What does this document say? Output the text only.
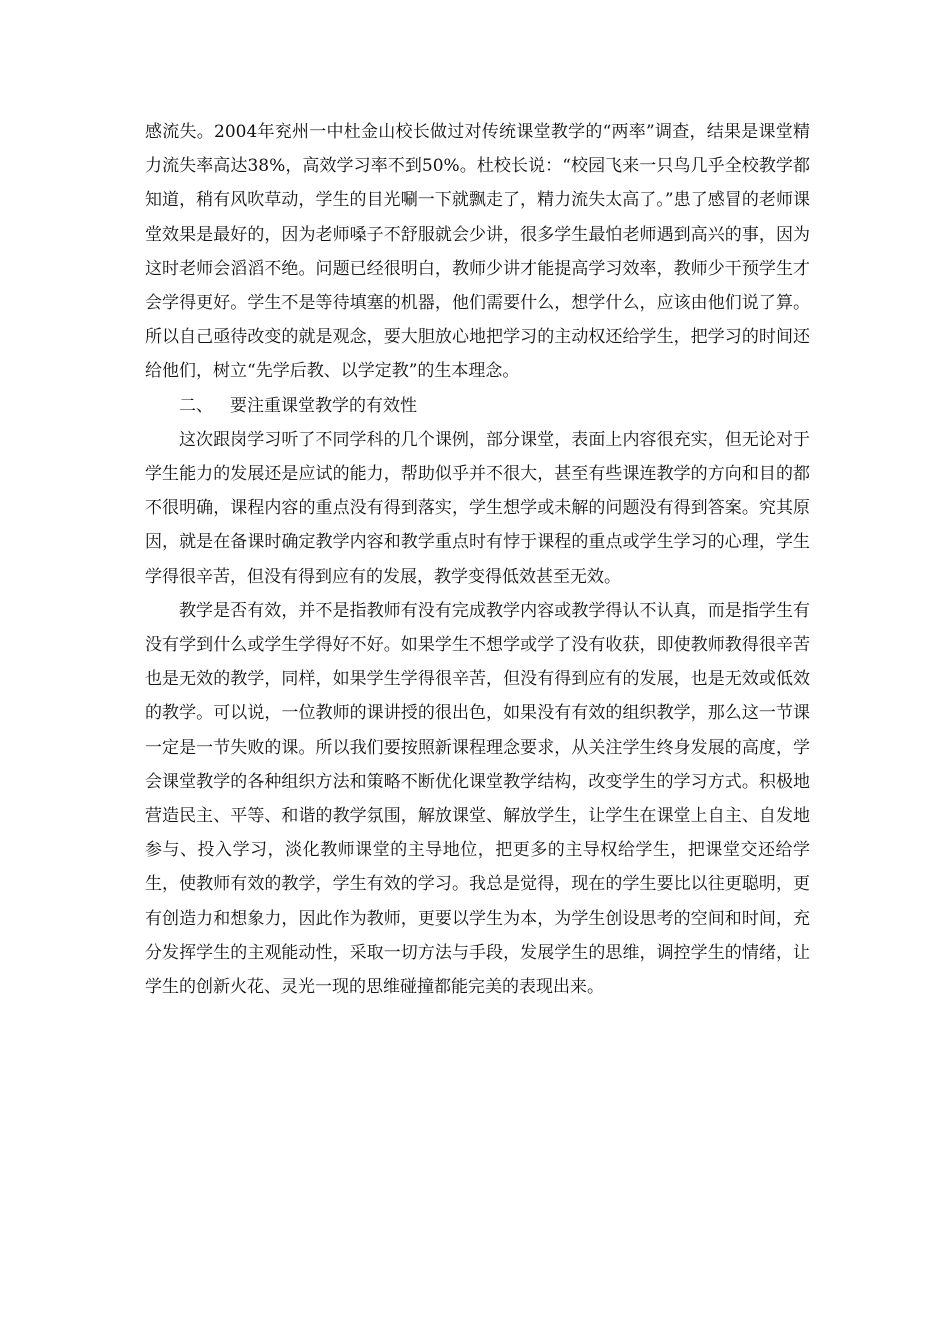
感流失。2004年兖州一中杜金山校长做过对传统课堂教学的“两率”调查，结果是课堂精力流失率高达38%，高效学习率不到50%。杜校长说：“校园飞来一只鸟几乎全校教学都知道，稍有风吹草动，学生的目光唰一下就飘走了，精力流失太高了。”患了感冒的老师课堂效果是最好的，因为老师嗓子不舒服就会少讲，很多学生最怕老师遇到高兴的事，因为这时老师会滔滔不绝。问题已经很明白，教师少讲才能提高学习效率，教师少干预学生才会学得更好。学生不是等待填塞的机器，他们需要什么，想学什么，应该由他们说了算。所以自己亟待改变的就是观念，要大胆放心地把学习的主动权还给学生，把学习的时间还给他们，树立“先学后教、以学定教”的生本理念。

二、 要注重课堂教学的有效性

这次跟岗学习听了不同学科的几个课例，部分课堂，表面上内容很充实，但无论对于学生能力的发展还是应试的能力，帮助似乎并不很大，甚至有些课连教学的方向和目的都不很明确，课程内容的重点没有得到落实，学生想学或未解的问题没有得到答案。究其原因，就是在备课时确定教学内容和教学重点时有悖于课程的重点或学生学习的心理，学生学得很辛苦，但没有得到应有的发展，教学变得低效甚至无效。

教学是否有效，并不是指教师有没有完成教学内容或教学得认不认真，而是指学生有没有学到什么或学生学得好不好。如果学生不想学或学了没有收获，即使教师教得很辛苦也是无效的教学，同样，如果学生学得很辛苦，但没有得到应有的发展，也是无效或低效的教学。可以说，一位教师的课讲授的很出色，如果没有有效的组织教学，那么这一节课一定是一节失败的课。所以我们要按照新课程理念要求，从关注学生终身发展的高度，学会课堂教学的各种组织方法和策略不断优化课堂教学结构，改变学生的学习方式。积极地营造民主、平等、和谐的教学氛围，解放课堂、解放学生，让学生在课堂上自主、自发地参与、投入学习，淡化教师课堂的主导地位，把更多的主导权给学生，把课堂交还给学生，使教师有效的教学，学生有效的学习。我总是觉得，现在的学生要比以往更聪明，更有创造力和想象力，因此作为教师，更要以学生为本，为学生创设思考的空间和时间，充分发挥学生的主观能动性，采取一切方法与手段，发展学生的思维，调控学生的情绪，让学生的创新火花、灵光一现的思维碰撞都能完美的表现出来。
